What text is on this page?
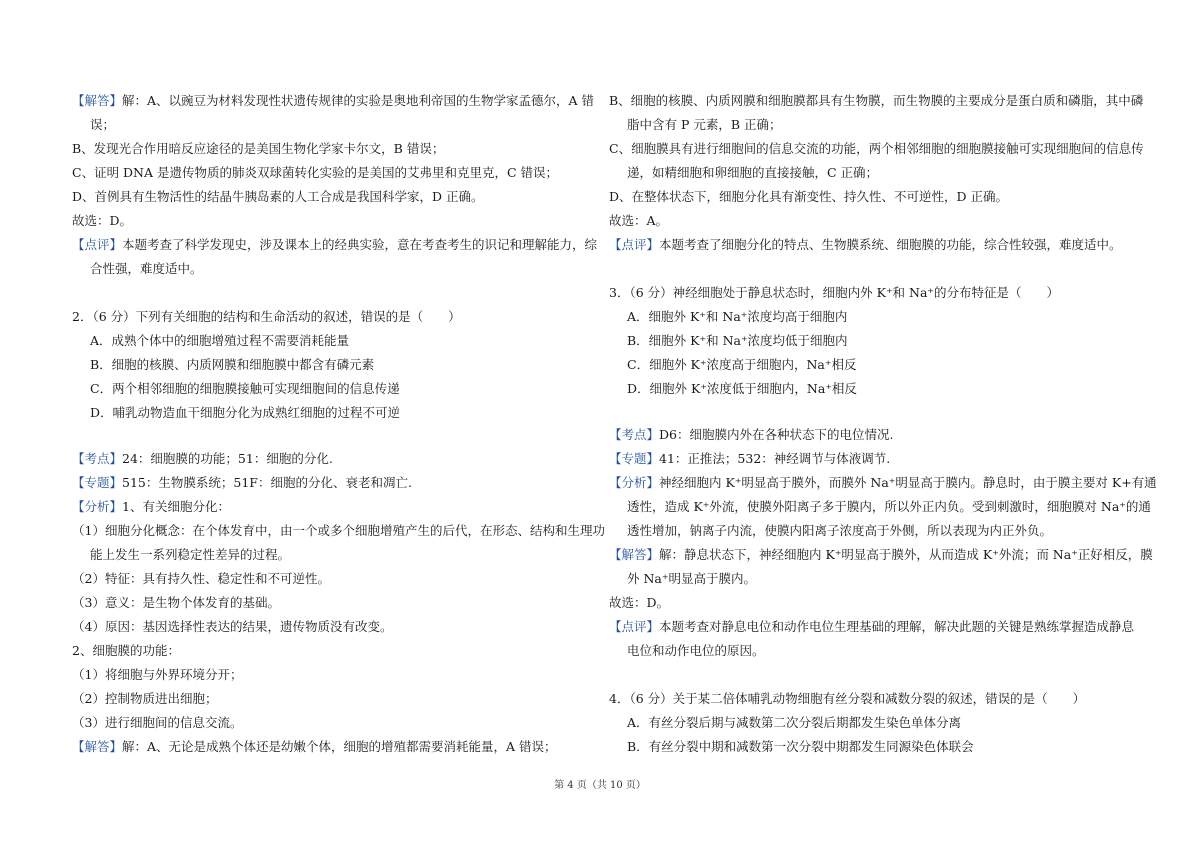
【解答】解：A、以豌豆为材料发现性状遗传规律的实验是奥地利帝国的生物学家孟德尔，A 错
误；
B、发现光合作用暗反应途径的是美国生物化学家卡尔文，B 错误；
C、证明 DNA 是遗传物质的肺炎双球菌转化实验的是美国的艾弗里和克里克，C 错误；
D、首例具有生物活性的结晶牛胰岛素的人工合成是我国科学家，D 正确。
故选：D。
【点评】本题考查了科学发现史，涉及课本上的经典实验，意在考查考生的识记和理解能力，综
合性强，难度适中。
2．（6 分）下列有关细胞的结构和生命活动的叙述，错误的是（　　）
A．成熟个体中的细胞增殖过程不需要消耗能量
B．细胞的核膜、内质网膜和细胞膜中都含有磷元素
C．两个相邻细胞的细胞膜接触可实现细胞间的信息传递
D．哺乳动物造血干细胞分化为成熟红细胞的过程不可逆
【考点】24：细胞膜的功能；51：细胞的分化.
【专题】515：生物膜系统；51F：细胞的分化、衰老和凋亡.
【分析】1、有关细胞分化：
（1）细胞分化概念：在个体发育中，由一个或多个细胞增殖产生的后代，在形态、结构和生理功
能上发生一系列稳定性差异的过程。
（2）特征：具有持久性、稳定性和不可逆性。
（3）意义：是生物个体发育的基础。
（4）原因：基因选择性表达的结果，遗传物质没有改变。
2、细胞膜的功能：
（1）将细胞与外界环境分开；
（2）控制物质进出细胞；
（3）进行细胞间的信息交流。
【解答】解：A、无论是成熟个体还是幼嫩个体，细胞的增殖都需要消耗能量，A 错误；
B、细胞的核膜、内质网膜和细胞膜都具有生物膜，而生物膜的主要成分是蛋白质和磷脂，其中磷
脂中含有 P 元素，B 正确；
C、细胞膜具有进行细胞间的信息交流的功能，两个相邻细胞的细胞膜接触可实现细胞间的信息传
递，如精细胞和卵细胞的直接接触，C 正确；
D、在整体状态下，细胞分化具有渐变性、持久性、不可逆性，D 正确。
故选：A。
【点评】本题考查了细胞分化的特点、生物膜系统、细胞膜的功能，综合性较强，难度适中。
3．（6 分）神经细胞处于静息状态时，细胞内外 K⁺和 Na⁺的分布特征是（　　）
A．细胞外 K⁺和 Na⁺浓度均高于细胞内
B．细胞外 K⁺和 Na⁺浓度均低于细胞内
C．细胞外 K⁺浓度高于细胞内，Na⁺相反
D．细胞外 K⁺浓度低于细胞内，Na⁺相反
【考点】D6：细胞膜内外在各种状态下的电位情况.
【专题】41：正推法；532：神经调节与体液调节.
【分析】神经细胞内 K⁺明显高于膜外，而膜外 Na⁺明显高于膜内。静息时，由于膜主要对 K+有通
透性，造成 K⁺外流，使膜外阳离子多于膜内，所以外正内负。受到刺激时，细胞膜对 Na⁺的通
透性增加，钠离子内流，使膜内阳离子浓度高于外侧，所以表现为内正外负。
【解答】解：静息状态下，神经细胞内 K⁺明显高于膜外，从而造成 K⁺外流；而 Na⁺正好相反，膜
外 Na⁺明显高于膜内。
故选：D。
【点评】本题考查对静息电位和动作电位生理基础的理解，解决此题的关键是熟练掌握造成静息
电位和动作电位的原因。
4．（6 分）关于某二倍体哺乳动物细胞有丝分裂和减数分裂的叙述，错误的是（　　）
A．有丝分裂后期与减数第二次分裂后期都发生染色单体分离
B．有丝分裂中期和减数第一次分裂中期都发生同源染色体联会
第 4 页（共 10 页）
